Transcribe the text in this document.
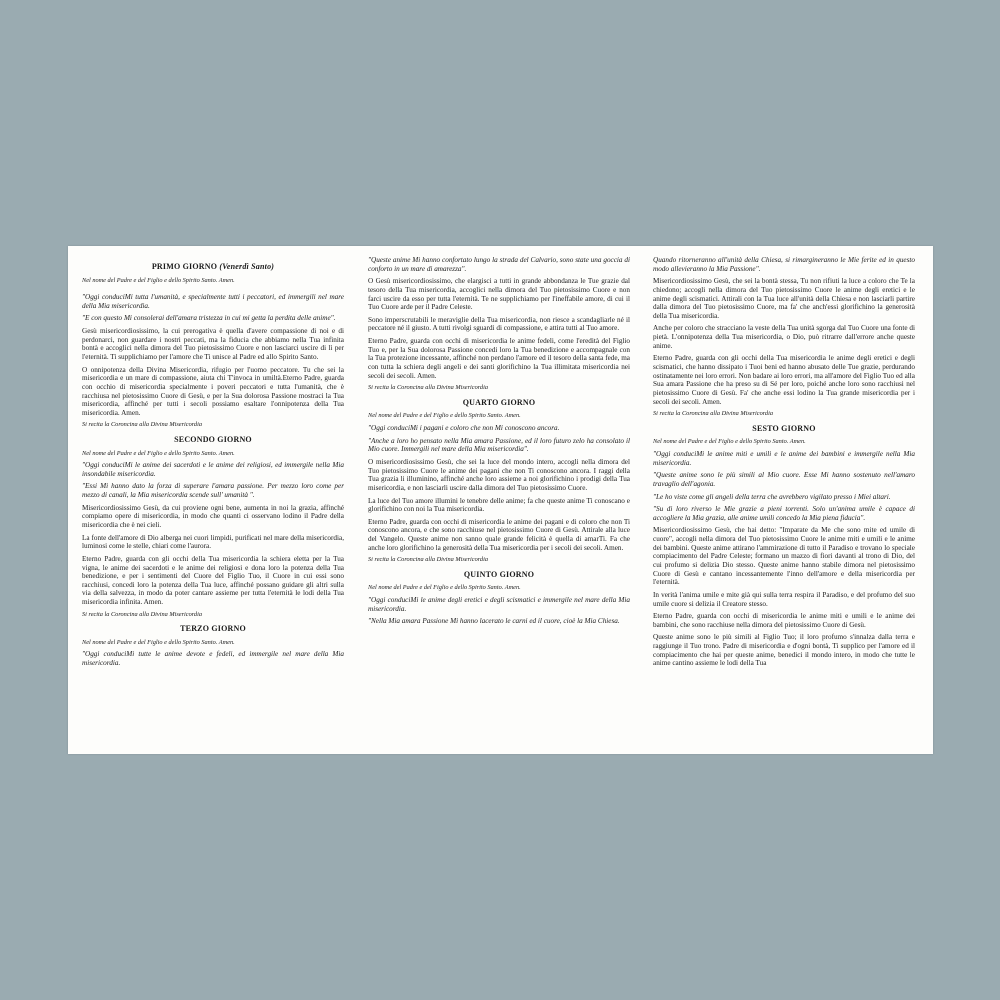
PRIMO GIORNO (Venerdì Santo)

Nel nome del Padre e del Figlio e dello Spirito Santo. Amen.

"Oggi conduciMi tutta l'umanità, e specialmente tutti i peccatori, ed immergili nel mare della Mia misericordia.

"E con questo Mi consolerai dell'amara tristezza in cui mi getta la perdita delle anime".

Gesù misericordiosissimo, la cui prerogativa è quella d'avere compassione di noi e di perdonarci, non guardare i nostri peccati, ma la fiducia che abbiamo nella Tua infinita bontà e accoglici nella dimora del Tuo pietosissimo Cuore e non lasciarci uscire di lì per l'eternità. Ti supplichiamo per l'amore che Ti unisce al Padre ed allo Spirito Santo.

O onnipotenza della Divina Misericordia, rifugio per l'uomo peccatore. Tu che sei la misericordia e un mare di compassione, aiuta chi T'invoca in umiltà.Eterno Padre, guarda con occhio di misericordia specialmente i poveri peccatori e tutta l'umanità, che è racchiusa nel pietosissimo Cuore di Gesù, e per la Sua dolorosa Passione mostraci la Tua misericordia, affinché per tutti i secoli possiamo esaltare l'onnipotenza della Tua misericordia. Amen.

Si recita la Coroncina alla Divina Misericordia

SECONDO GIORNO

Nel nome del Padre e del Figlio e dello Spirito Santo. Amen.

"Oggi conduciMi le anime dei sacerdoti e le anime dei religiosi, ed immergile nella Mia insondabile misericordia.

"Essi Mi hanno dato la forza di superare l'amara passione. Per mezzo loro come per mezzo di canali, la Mia misericordia scende sull' umanità ".

Misericordiosissimo Gesù, da cui proviene ogni bene, aumenta in noi la grazia, affinché compiamo opere di misericordia, in modo che quanti ci osservano lodino il Padre della misericordia che è nei cieli.

La fonte dell'amore di Dio alberga nei cuori limpidi, purificati nel mare della misericordia, luminosi come le stelle, chiari come l'aurora.

Eterno Padre, guarda con gli occhi della Tua misericordia la schiera eletta per la Tua vigna, le anime dei sacerdoti e le anime dei religiosi e dona loro la potenza della Tua benedizione, e per i sentimenti del Cuore del Figlio Tuo, il Cuore in cui essi sono racchiusi, concedi loro la potenza della Tua luce, affinché possano guidare gli altri sulla via della salvezza, in modo da poter cantare assieme per tutta l'eternità le lodi della Tua misericordia infinita. Amen.

Si recita la Coroncina alla Divina Misericordia

TERZO GIORNO

Nel nome del Padre e del Figlio e dello Spirito Santo. Amen.

"Oggi conduciMi tutte le anime devote e fedeli, ed immergile nel mare della Mia misericordia.

"Queste anime Mi hanno confortato lungo la strada del Calvario, sono state una goccia di conforto in un mare di amarezza".

O Gesù misericordiosissimo, che elargisci a tutti in grande abbondanza le Tue grazie dal tesoro della Tua misericordia, accoglici nella dimora del Tuo pietosissimo Cuore e non farci uscire da esso per tutta l'eternità. Te ne supplichiamo per l'ineffabile amore, di cui il Tuo Cuore arde per il Padre Celeste.

Sono imperscrutabili le meraviglie della Tua misericordia, non riesce a scandagliarle né il peccatore né il giusto. A tutti rivolgi sguardi di compassione, e attira tutti al Tuo amore.

Eterno Padre, guarda con occhi di misericordia le anime fedeli, come l'eredità del Figlio Tuo e, per la Sua dolorosa Passione concedi loro la Tua benedizione e accompagnale con la Tua protezione incessante, affinché non perdano l'amore ed il tesoro della santa fede, ma con tutta la schiera degli angeli e dei santi glorifichino la Tua illimitata misericordia nei secoli dei secoli. Amen.

Si recita la Coroncina alla Divina Misericordia

QUARTO GIORNO

Nel nome del Padre e del Figlio e dello Spirito Santo. Amen.

"Oggi conduciMi i pagani e coloro che non Mi conoscono ancora.

"Anche a loro ho pensato nella Mia amara Passione, ed il loro futuro zelo ha consolato il Mio cuore. Immergili nel mare della Mia misericordia".

O misericordiosissimo Gesù, che sei la luce del mondo intero, accogli nella dimora del Tuo pietosissimo Cuore le anime dei pagani che non Ti conoscono ancora. I raggi della Tua grazia li illuminino, affinché anche loro assieme a noi glorifichino i prodigi della Tua misericordia, e non lasciarli uscire dalla dimora del Tuo pietosissimo Cuore.

La luce del Tuo amore illumini le tenebre delle anime; fa che queste anime Ti conoscano e glorifichino con noi la Tua misericordia.

Eterno Padre, guarda con occhi di misericordia le anime dei pagani e di coloro che non Ti conoscono ancora, e che sono racchiuse nel pietosissimo Cuore di Gesù. Attirale alla luce del Vangelo. Queste anime non sanno quale grande felicità è quella di amarTi. Fa che anche loro glorifichino la generosità della Tua misericordia per i secoli dei secoli. Amen.

Si recita la Coroncina alla Divina Misericordia

QUINTO GIORNO

Nel nome del Padre e del Figlio e dello Spirito Santo. Amen.

"Oggi conduciMi le anime degli eretici e degli scismatici e immergile nel mare della Mia misericordia.

"Nella Mia amara Passione Mi hanno lacerato le carni ed il cuore, cioè la Mia Chiesa.

Quando ritorneranno all'unità della Chiesa, si rimargineranno le Mie ferite ed in questo modo allevieranno la Mia Passione".

Misericordiosissimo Gesù, che sei la bontà stessa, Tu non rifiuti la luce a coloro che Te la chiedono; accogli nella dimora del Tuo pietosissimo Cuore le anime degli eretici e le anime degli scismatici. Attirali con la Tua luce all'unità della Chiesa e non lasciarli partire dalla dimora del Tuo pietosissimo Cuore, ma fa' che anch'essi glorifichino la generosità della Tua misericordia.

Anche per coloro che stracciano la veste della Tua unità sgorga dal Tuo Cuore una fonte di pietà. L'onnipotenza della Tua misericordia, o Dio, può ritrarre dall'errore anche queste anime.

Eterno Padre, guarda con gli occhi della Tua misericordia le anime degli eretici e degli scismatici, che hanno dissipato i Tuoi beni ed hanno abusato delle Tue grazie, perdurando ostinatamente nei loro errori. Non badare ai loro errori, ma all'amore del Figlio Tuo ed alla Sua amara Passione che ha preso su di Sé per loro, poiché anche loro sono racchiusi nel pietosissimo Cuore di Gesù. Fa' che anche essi lodino la Tua grande misericordia per i secoli dei secoli. Amen.

Si recita la Coroncina alla Divina Misericordia

SESTO GIORNO

Nel nome del Padre e del Figlio e dello Spirito Santo. Amen.

"Oggi conduciMi le anime miti e umili e le anime dei bambini e immergile nella Mia misericordia.

"Queste anime sono le più simili al Mio cuore. Esse Mi hanno sostenuto nell'amaro travaglio dell'agonia.

"Le ho viste come gli angeli della terra che avrebbero vigilato presso i Miei altari.

"Su di loro riverso le Mie grazie a pieni torrenti. Solo un'anima umile è capace di accogliere la Mia grazia, alle anime umili concedo la Mia piena fiducia".

Misericordiosissimo Gesù, che hai detto: "Imparate da Me che sono mite ed umile di cuore", accogli nella dimora del Tuo pietosissimo Cuore le anime miti e umili e le anime dei bambini. Queste anime attirano l'ammirazione di tutto il Paradiso e trovano lo speciale compiacimento del Padre Celeste; formano un mazzo di fiori davanti al trono di Dio, del cui profumo si delizia Dio stesso. Queste anime hanno stabile dimora nel pietosissimo Cuore di Gesù e cantano incessantemente l'inno dell'amore e della misericordia per l'eternità.

In verità l'anima umile e mite già qui sulla terra respira il Paradiso, e del profumo del suo umile cuore si delizia il Creatore stesso.

Eterno Padre, guarda con occhi di misericordia le anime miti e umili e le anime dei bambini, che sono racchiuse nella dimora del pietosissimo Cuore di Gesù.

Queste anime sono le più simili al Figlio Tuo; il loro profumo s'innalza dalla terra e raggiunge il Tuo trono. Padre di misericordia e d'ogni bontà, Ti supplico per l'amore ed il compiacimento che hai per queste anime, benedici il mondo intero, in modo che tutte le anime cantino assieme le lodi della Tua
